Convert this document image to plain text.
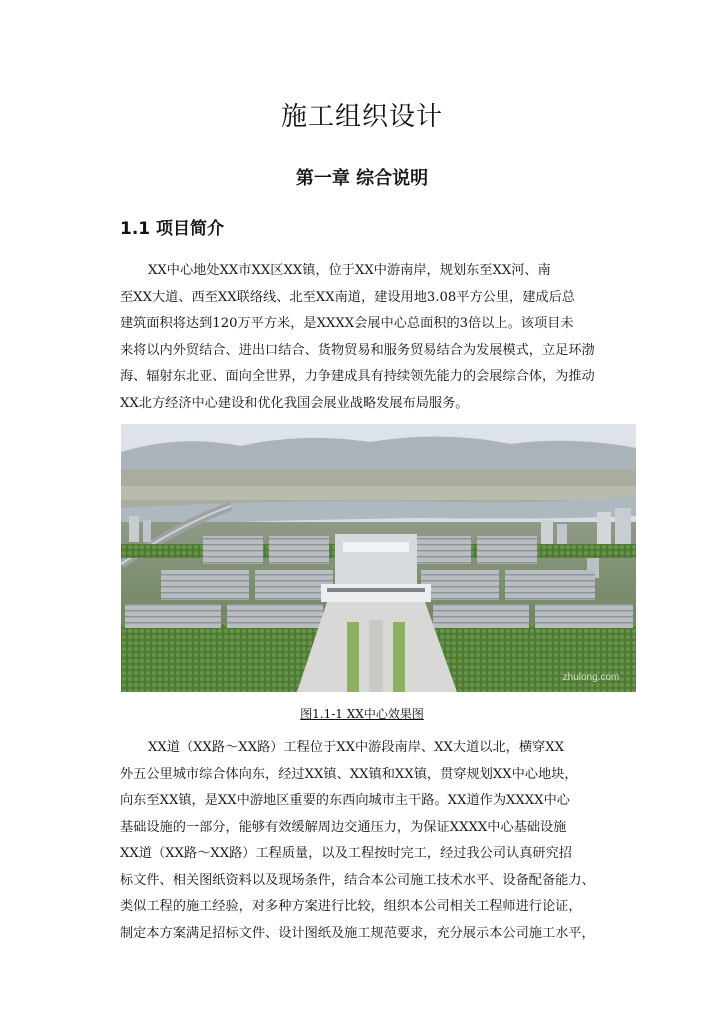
施工组织设计
第一章 综合说明
1.1 项目简介
XX中心地处XX市XX区XX镇，位于XX中游南岸，规划东至XX河、南
至XX大道、西至XX联络线、北至XX南道，建设用地3.08平方公里，建成后总
建筑面积将达到120万平方米，是XXXX会展中心总面积的3倍以上。该项目未
来将以内外贸结合、进出口结合、货物贸易和服务贸易结合为发展模式，立足环渤
海、辐射东北亚、面向全世界，力争建成具有持续领先能力的会展综合体，为推动
XX北方经济中心建设和优化我国会展业战略发展布局服务。
zhulong.com
图1.1-1 XX中心效果图
XX道（XX路～XX路）工程位于XX中游段南岸、XX大道以北，横穿XX
外五公里城市综合体向东，经过XX镇、XX镇和XX镇，贯穿规划XX中心地块，
向东至XX镇，是XX中游地区重要的东西向城市主干路。XX道作为XXXX中心
基础设施的一部分，能够有效缓解周边交通压力，为保证XXXX中心基础设施
XX道（XX路～XX路）工程质量，以及工程按时完工，经过我公司认真研究招
标文件、相关图纸资料以及现场条件，结合本公司施工技术水平、设备配备能力、
类似工程的施工经验，对多种方案进行比较，组织本公司相关工程师进行论证，
制定本方案满足招标文件、设计图纸及施工规范要求，充分展示本公司施工水平，
